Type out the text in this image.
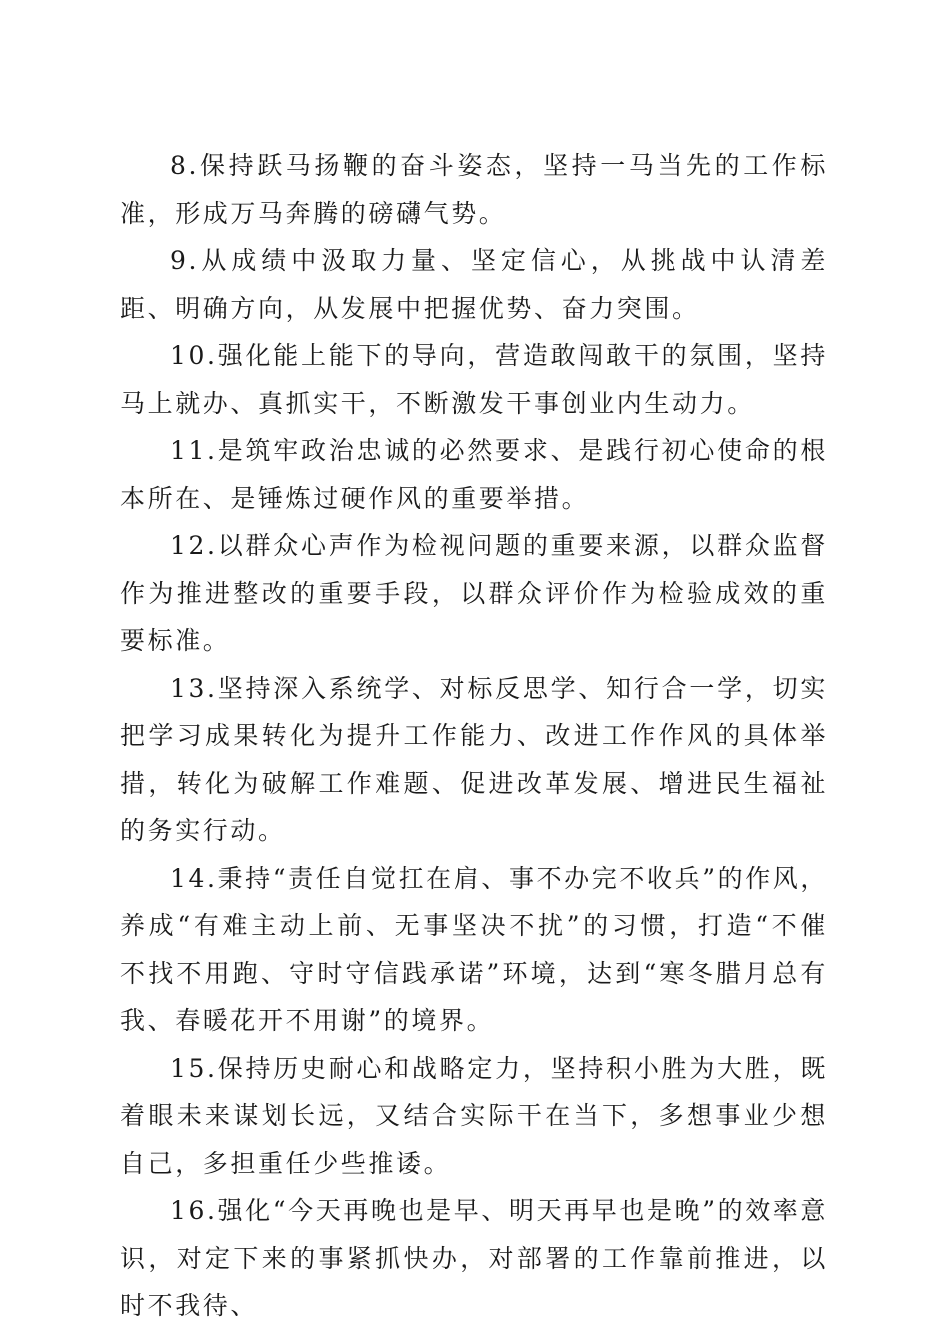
8.保持跃马扬鞭的奋斗姿态，坚持一马当先的工作标准，形成万马奔腾的磅礴气势。

9.从成绩中汲取力量、坚定信心，从挑战中认清差距、明确方向，从发展中把握优势、奋力突围。

10.强化能上能下的导向，营造敢闯敢干的氛围，坚持马上就办、真抓实干，不断激发干事创业内生动力。

11.是筑牢政治忠诚的必然要求、是践行初心使命的根本所在、是锤炼过硬作风的重要举措。

12.以群众心声作为检视问题的重要来源，以群众监督作为推进整改的重要手段，以群众评价作为检验成效的重要标准。

13.坚持深入系统学、对标反思学、知行合一学，切实把学习成果转化为提升工作能力、改进工作作风的具体举措，转化为破解工作难题、促进改革发展、增进民生福祉的务实行动。

14.秉持“责任自觉扛在肩、事不办完不收兵”的作风，养成“有难主动上前、无事坚决不扰”的习惯，打造“不催不找不用跑、守时守信践承诺”环境，达到“寒冬腊月总有我、春暖花开不用谢”的境界。

15.保持历史耐心和战略定力，坚持积小胜为大胜，既着眼未来谋划长远，又结合实际干在当下，多想事业少想自己，多担重任少些推诿。

16.强化“今天再晚也是早、明天再早也是晚”的效率意识，对定下来的事紧抓快办，对部署的工作靠前推进，以时不我待、
